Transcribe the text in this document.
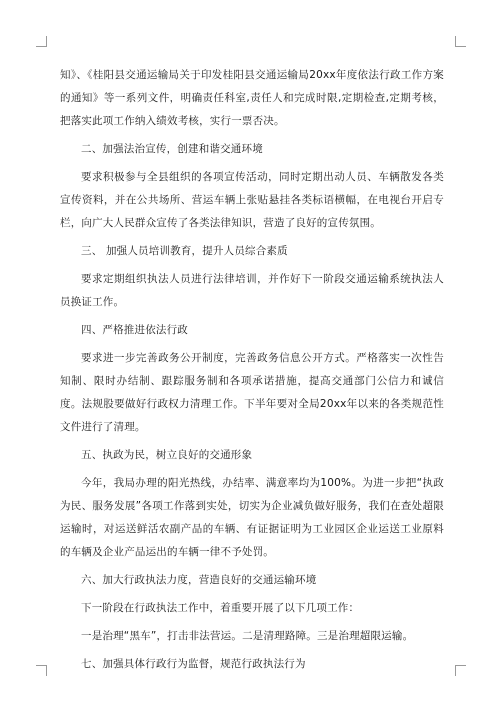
知》、《桂阳县交通运输局关于印发桂阳县交通运输局20xx年度依法行政工作方案的通知》等一系列文件，明确责任科室,责任人和完成时限,定期检查,定期考核，把落实此项工作纳入绩效考核，实行一票否决。

二、加强法治宣传，创建和谐交通环境

要求积极参与全县组织的各项宣传活动，同时定期出动人员、车辆散发各类宣传资料，并在公共场所、营运车辆上张贴悬挂各类标语横幅，在电视台开启专栏，向广大人民群众宣传了各类法律知识，营造了良好的宣传氛围。

三、 加强人员培训教育，提升人员综合素质

要求定期组织执法人员进行法律培训，并作好下一阶段交通运输系统执法人员换证工作。

四、严格推进依法行政

要求进一步完善政务公开制度，完善政务信息公开方式。严格落实一次性告知制、限时办结制、跟踪服务制和各项承诺措施，提高交通部门公信力和诚信度。法规股要做好行政权力清理工作。下半年要对全局20xx年以来的各类规范性文件进行了清理。

五、执政为民，树立良好的交通形象

今年，我局办理的阳光热线，办结率、满意率均为100%。为进一步把“执政为民、服务发展”各项工作落到实处，切实为企业减负做好服务，我们在查处超限运输时，对运送鲜活农副产品的车辆、有证据证明为工业园区企业运送工业原料的车辆及企业产品运出的车辆一律不予处罚。

六、加大行政执法力度，营造良好的交通运输环境

下一阶段在行政执法工作中，着重要开展了以下几项工作：

一是治理“黑车”，打击非法营运。二是清理路障。三是治理超限运输。

七、加强具体行政行为监督，规范行政执法行为
